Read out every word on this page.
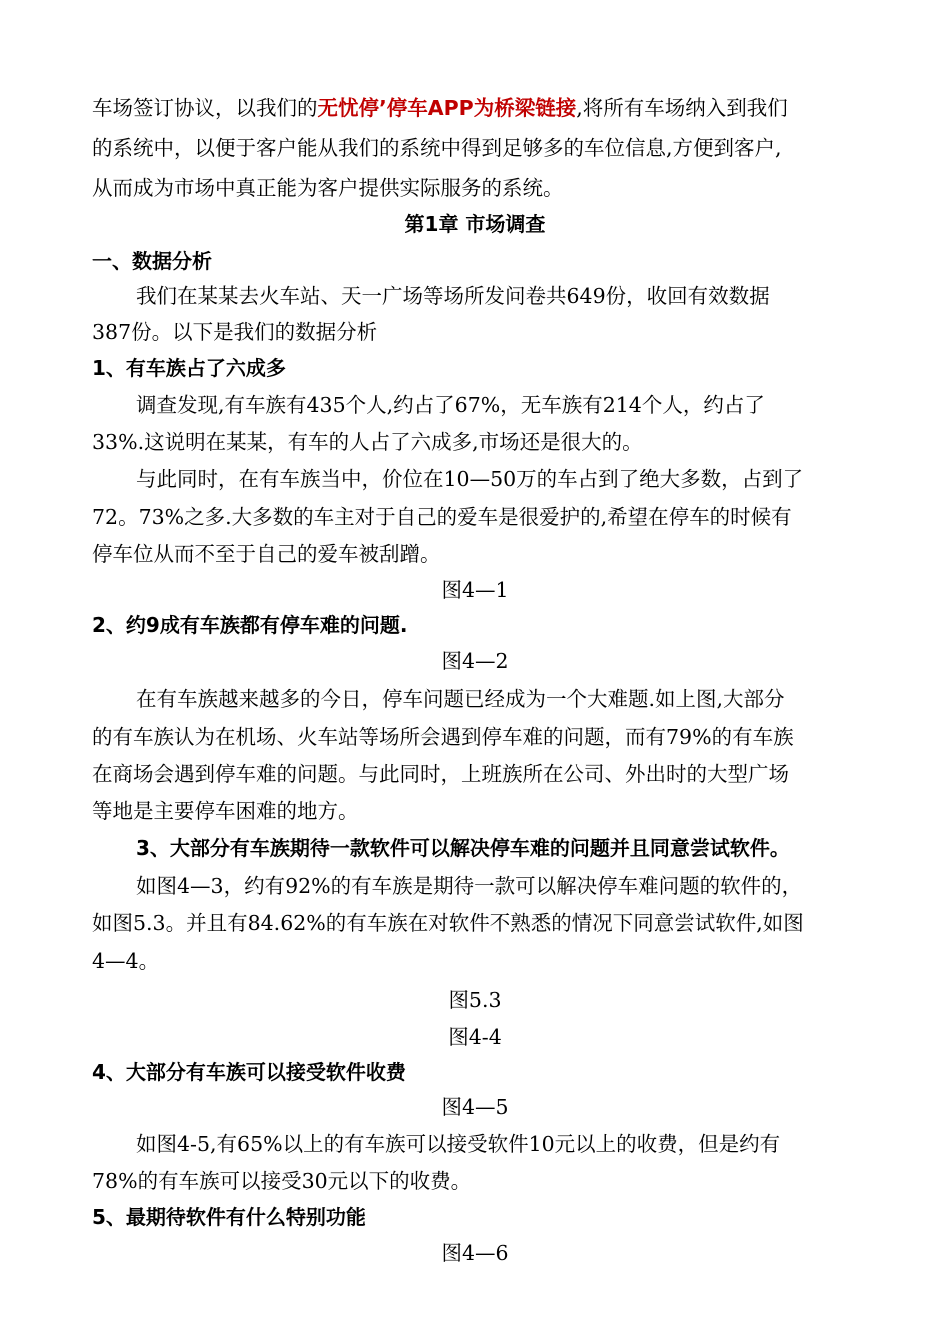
车场签订协议，以我们的无忧停’停车APP为桥梁链接,将所有车场纳入到我们
的系统中，以便于客户能从我们的系统中得到足够多的车位信息,方便到客户,
从而成为市场中真正能为客户提供实际服务的系统。
第1章 市场调查
一、数据分析
我们在某某去火车站、天一广场等场所发问卷共649份，收回有效数据
387份。以下是我们的数据分析
1、有车族占了六成多
调查发现,有车族有435个人,约占了67%，无车族有214个人，约占了
33%.这说明在某某，有车的人占了六成多,市场还是很大的。
与此同时，在有车族当中，价位在10—50万的车占到了绝大多数，占到了
72。73%之多.大多数的车主对于自己的爱车是很爱护的,希望在停车的时候有
停车位从而不至于自己的爱车被刮蹭。
图4—1
2、约9成有车族都有停车难的问题.
图4—2
在有车族越来越多的今日，停车问题已经成为一个大难题.如上图,大部分
的有车族认为在机场、火车站等场所会遇到停车难的问题，而有79%的有车族
在商场会遇到停车难的问题。与此同时，上班族所在公司、外出时的大型广场
等地是主要停车困难的地方。
3、大部分有车族期待一款软件可以解决停车难的问题并且同意尝试软件。
如图4—3，约有92%的有车族是期待一款可以解决停车难问题的软件的，
如图5.3。并且有84.62%的有车族在对软件不熟悉的情况下同意尝试软件,如图
4—4。
图5.3
图4-4
4、大部分有车族可以接受软件收费
图4—5
如图4-5,有65%以上的有车族可以接受软件10元以上的收费，但是约有
78%的有车族可以接受30元以下的收费。
5、最期待软件有什么特别功能
图4—6
